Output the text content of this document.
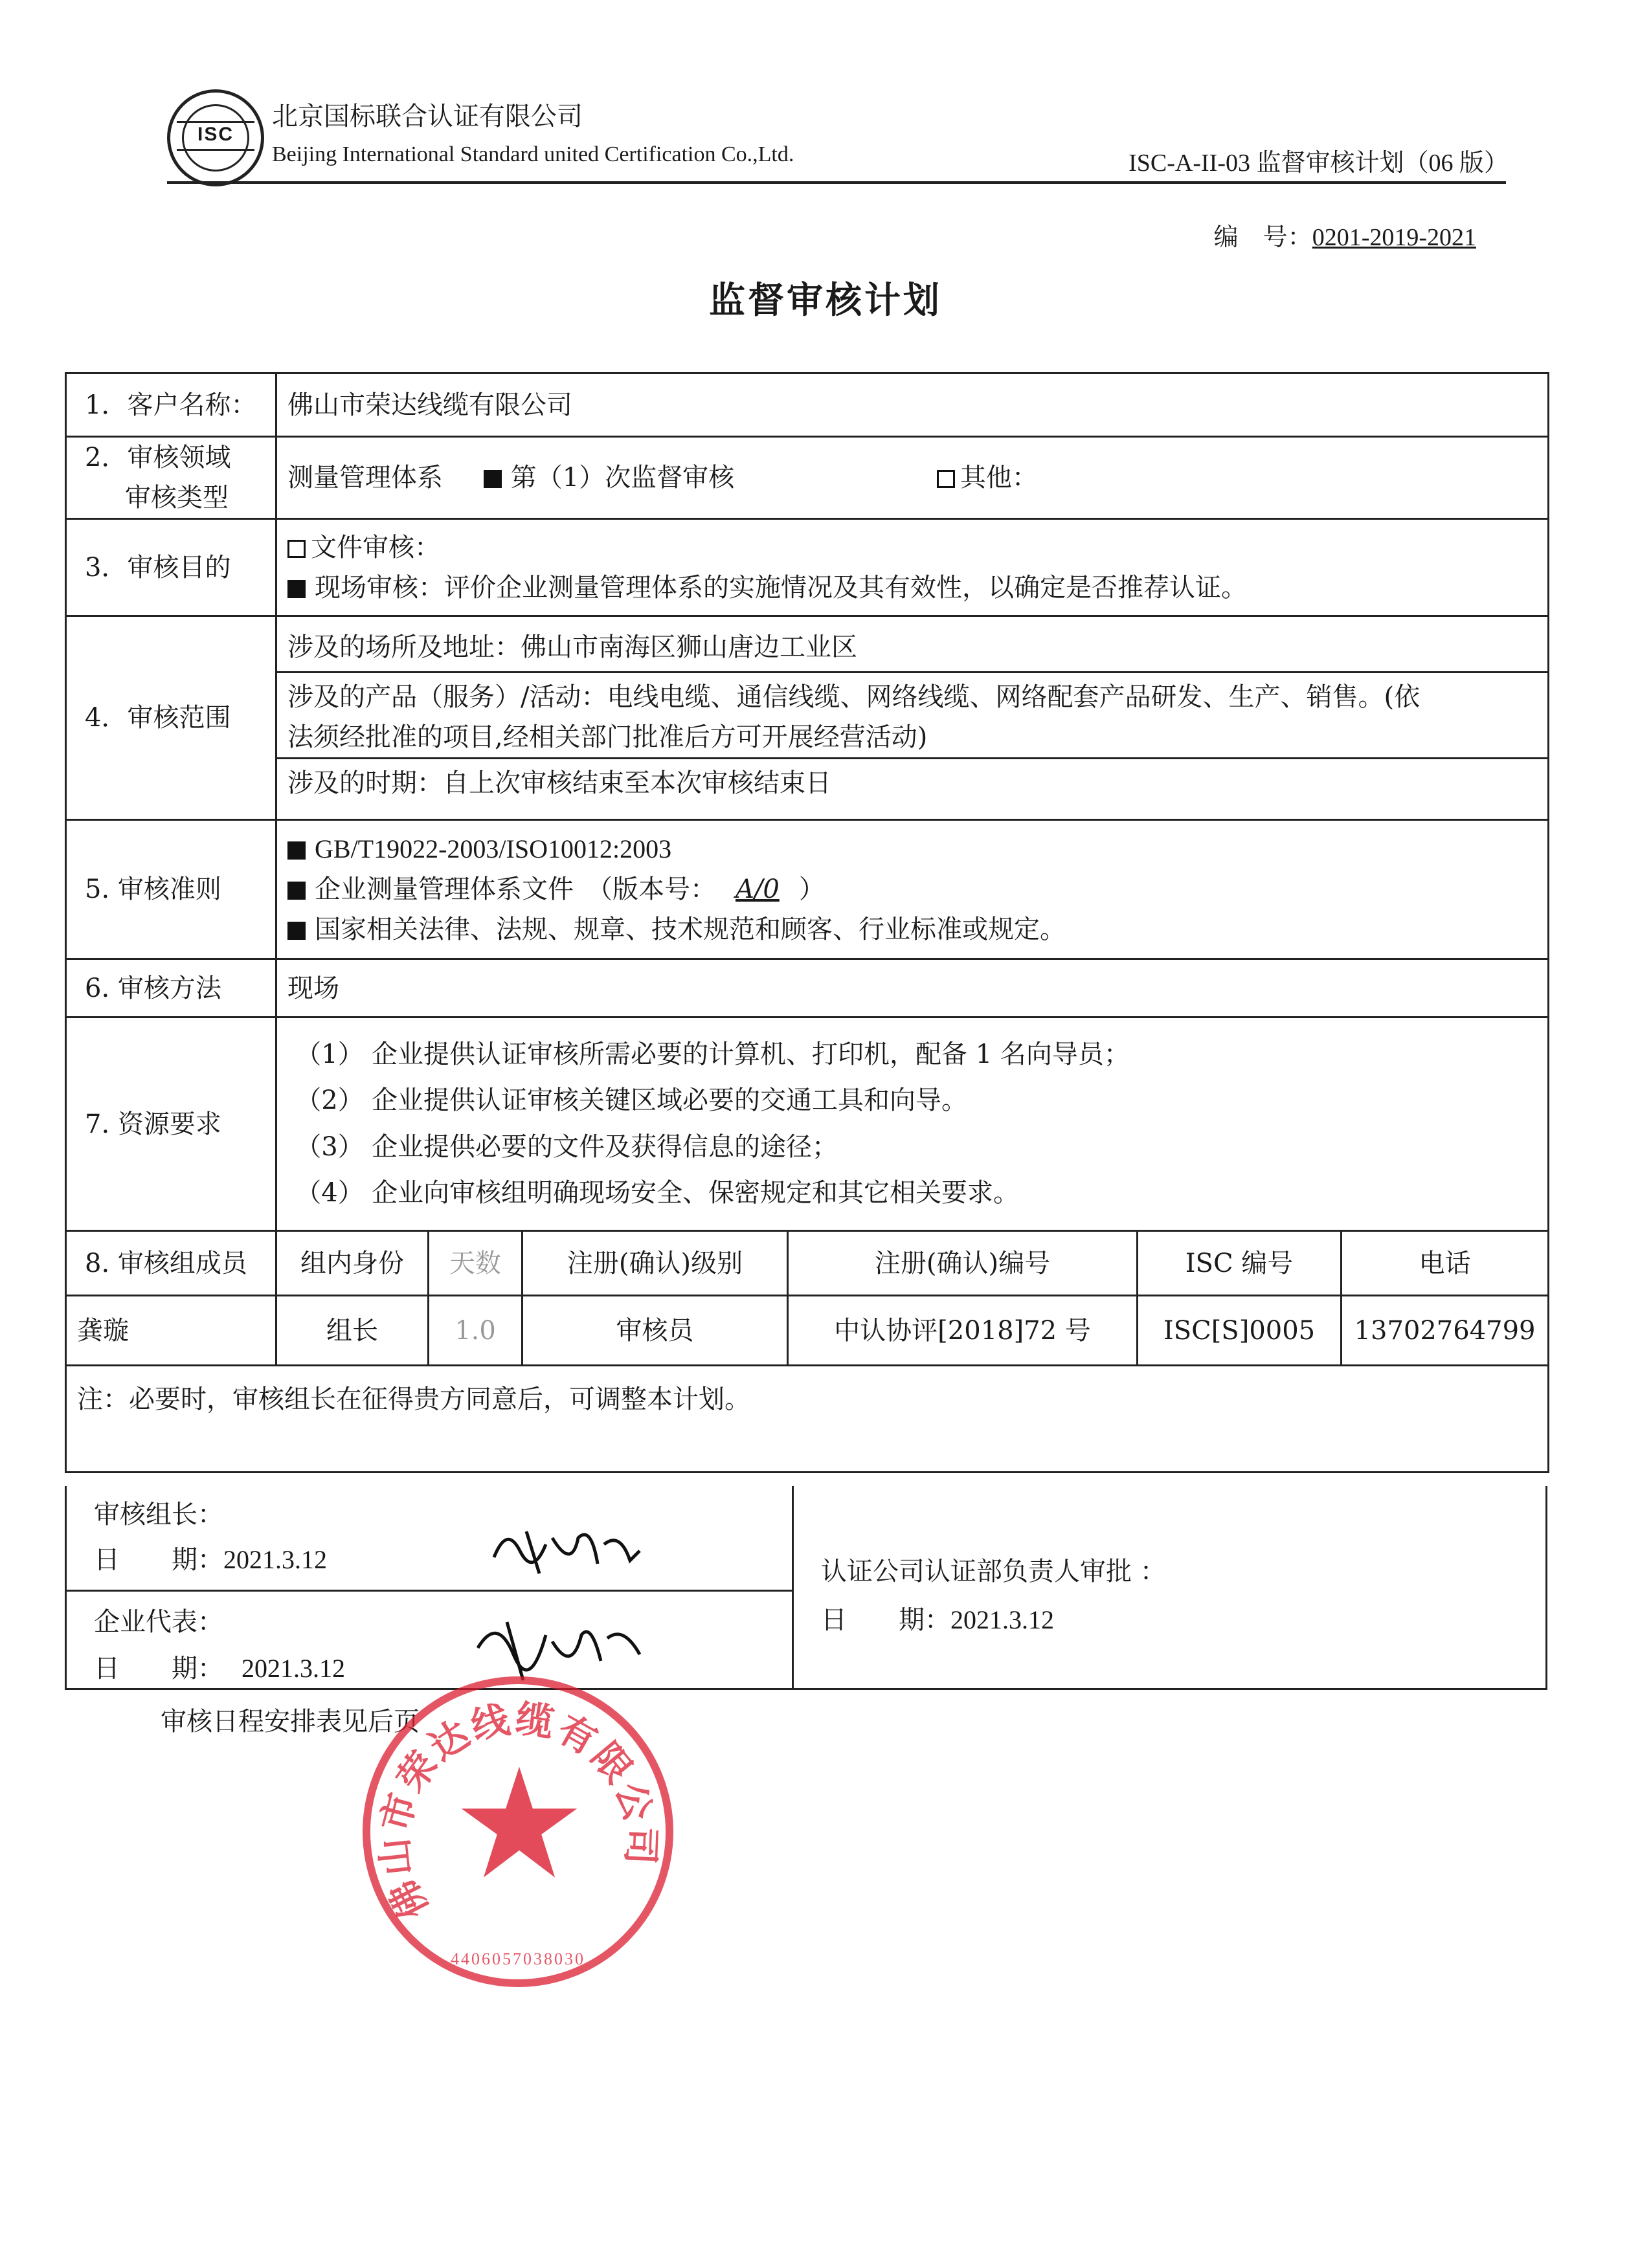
ISC
北京国标联合认证有限公司
Beijing International Standard united Certification Co.,Ltd.	ISC-A-II-03 监督审核计划（06 版）
编　号：0201-2019-2021
监督审核计划
1．客户名称：	佛山市荣达线缆有限公司					

2．审核领域
审核类型	测量管理体系 第（1）次监督审核 其他：					
3．审核目的	文件审核：
现场审核：评价企业测量管理体系的实施情况及其有效性，以确定是否推荐认证。					

4．审核范围	涉及的场所及地址：佛山市南海区狮山唐边工业区
涉及的产品（服务）/活动：电线电缆、通信线缆、网络线缆、网络配套产品研发、生产、销售。(依
法须经批准的项目,经相关部门批准后方可开展经营活动)
涉及的时期：自上次审核结束至本次审核结束日					

5. 审核准则	GB/T19022-2003/ISO10012:2003
企业测量管理体系文件　（版本号： A/0 ）
国家相关法律、法规、规章、技术规范和顾客、行业标准或规定。					

6. 审核方法	现场					
7. 资源要求	（1） 企业提供认证审核所需必要的计算机、打印机，配备 1 名向导员；
（2） 企业提供认证审核关键区域必要的交通工具和向导。
（3） 企业提供必要的文件及获得信息的途径；
（4） 企业向审核组明确现场安全、保密规定和其它相关要求。					

8. 审核组成员	组内身份	天数	注册(确认)级别	注册(确认)编号	ISC 编号	电话
龚璇	组长	1.0	审核员	中认协评[2018]72 号	ISC[S]0005	13702764799
注：必要时，审核组长在征得贵方同意后，可调整本计划。						
审核组长：
日　　期：2021.3.12
企业代表：
日　　期： 2021.3.12
认证公司认证部负责人审批 ：
日　　期：2021.3.12
审核日程安排表见后页
佛山市荣达线缆有限公司
4406057038030
